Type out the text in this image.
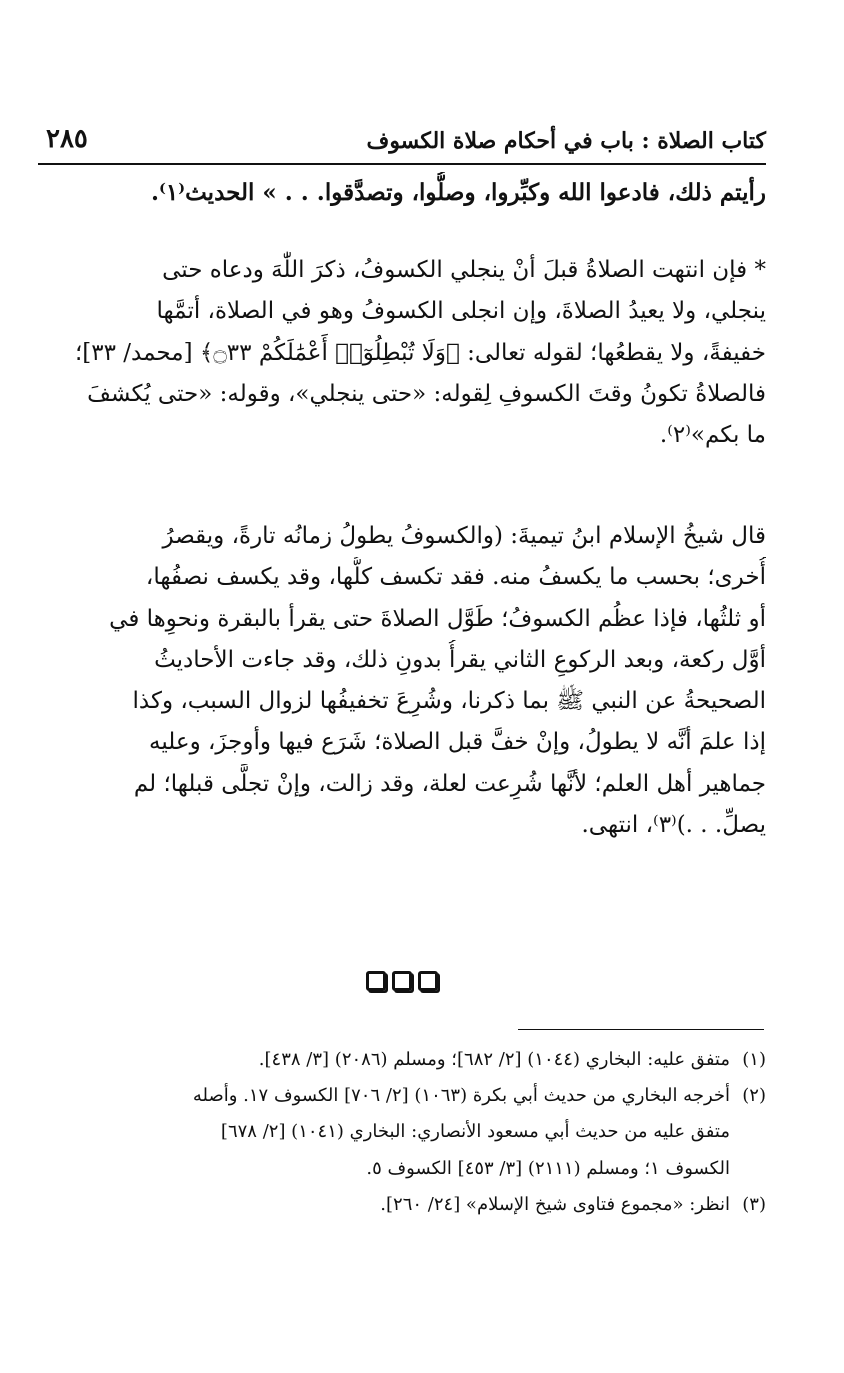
كتاب الصلاة : باب في أحكام صلاة الكسوف
٢٨٥
رأيتم ذلك، فادعوا الله وكبِّروا، وصلُّوا، وتصدَّقوا. . . » الحديث⁽١⁾.
* فإن انتهت الصلاةُ قبلَ أنْ ينجلي الكسوفُ، ذكرَ اللّٰهَ ودعاه حتى
ينجلي، ولا يعيدُ الصلاةَ، وإن انجلى الكسوفُ وهو في الصلاة، أتمَّها
خفيفةً، ولا يقطعُها؛ لقوله تعالى: ﴿وَلَا تُبْطِلُوٓا۟ أَعْمَٰلَكُمْ ۝٣٣﴾ [محمد/ ٣٣]؛
فالصلاةُ تكونُ وقتَ الكسوفِ لِقوله: «حتى ينجلي»، وقوله: «حتى يُكشفَ
ما بكم»⁽٢⁾.
قال شيخُ الإسلام ابنُ تيميةَ: (والكسوفُ يطولُ زمانُه تارةً، ويقصرُ
أُخرى؛ بحسب ما يكسفُ منه. فقد تكسف كلُّها، وقد يكسف نصفُها،
أو ثلثُها، فإذا عظُم الكسوفُ؛ طَوَّل الصلاةَ حتى يقرأ بالبقرة ونحوِها في
أوَّل ركعة، وبعد الركوعِ الثاني يقرأُ بدونِ ذلك، وقد جاءت الأحاديثُ
الصحيحةُ عن النبي ﷺ بما ذكرنا، وشُرِعَ تخفيفُها لزوال السبب، وكذا
إذا علمَ أنَّه لا يطولُ، وإنْ خفَّ قبل الصلاة؛ شَرَع فيها وأوجزَ، وعليه
جماهير أهل العلم؛ لأنَّها شُرِعت لعلة، وقد زالت، وإنْ تجلَّى قبلها؛ لم
يصلِّ. . .)⁽٣⁾، انتهى.
(١)متفق عليه: البخاري (١٠٤٤) [٢/ ٦٨٢]؛ ومسلم (٢٠٨٦) [٣/ ٤٣٨].
(٢)أخرجه البخاري من حديث أبي بكرة (١٠٦٣) [٢/ ٧٠٦] الكسوف ١٧. وأصله
متفق عليه من حديث أبي مسعود الأنصاري: البخاري (١٠٤١) [٢/ ٦٧٨]
الكسوف ١؛ ومسلم (٢١١١) [٣/ ٤٥٣] الكسوف ٥.
(٣)انظر: «مجموع فتاوى شيخ الإسلام» [٢٤/ ٢٦٠].
